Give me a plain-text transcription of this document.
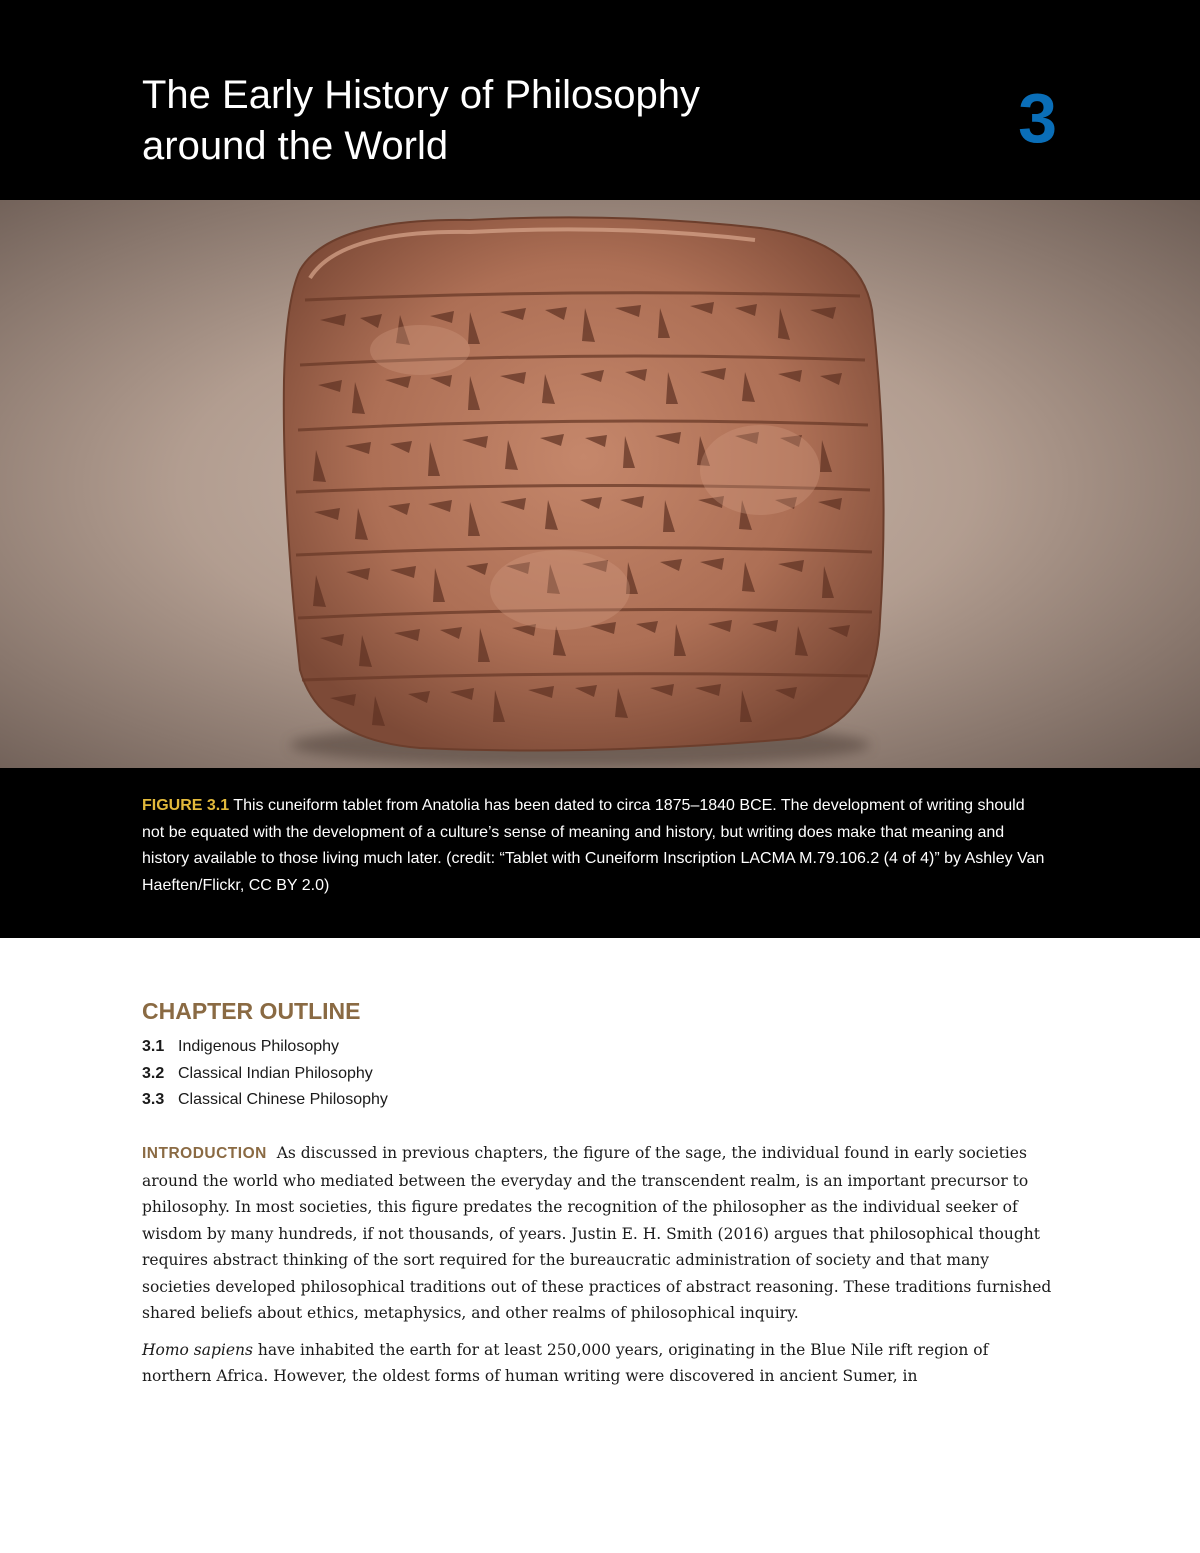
The Early History of Philosophy
around the World	3

FIGURE 3.1 This cuneiform tablet from Anatolia has been dated to circa 1875–1840 BCE. The development of writing should not be equated with the development of a culture’s sense of meaning and history, but writing does make that meaning and history available to those living much later. (credit: “Tablet with Cuneiform Inscription LACMA M.79.106.2 (4 of 4)” by Ashley Van Haeften/Flickr, CC BY 2.0)

CHAPTER OUTLINE
3.1 Indigenous Philosophy
3.2 Classical Indian Philosophy
3.3 Classical Chinese Philosophy

INTRODUCTION As discussed in previous chapters, the figure of the sage, the individual found in early societies around the world who mediated between the everyday and the transcendent realm, is an important precursor to philosophy. In most societies, this figure predates the recognition of the philosopher as the individual seeker of wisdom by many hundreds, if not thousands, of years. Justin E. H. Smith (2016) argues that philosophical thought requires abstract thinking of the sort required for the bureaucratic administration of society and that many societies developed philosophical traditions out of these practices of abstract reasoning. These traditions furnished shared beliefs about ethics, metaphysics, and other realms of philosophical inquiry.

Homo sapiens have inhabited the earth for at least 250,000 years, originating in the Blue Nile rift region of northern Africa. However, the oldest forms of human writing were discovered in ancient Sumer, in
